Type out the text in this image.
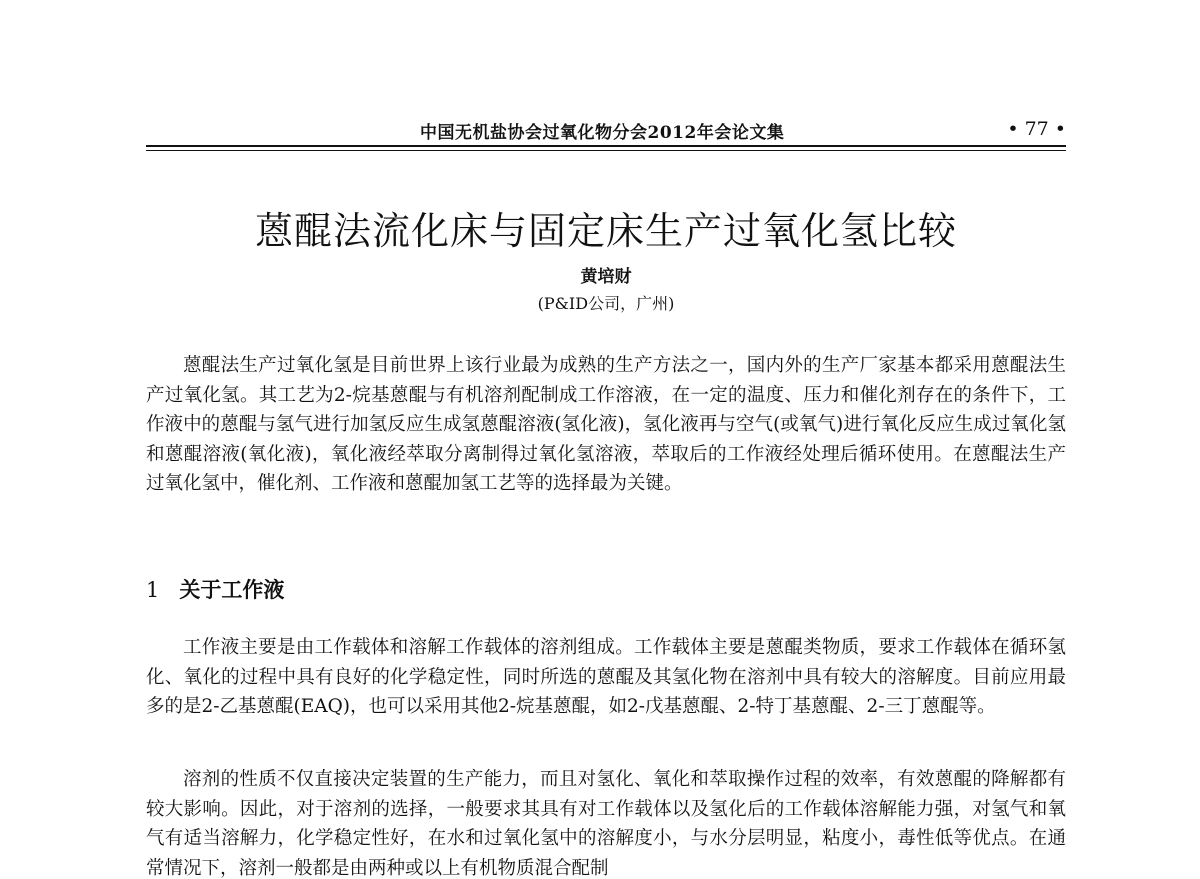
中国无机盐协会过氧化物分会2012年会论文集	• 77 •
蒽醌法流化床与固定床生产过氧化氢比较
黄培财
(P&ID公司，广州)

蒽醌法生产过氧化氢是目前世界上该行业最为成熟的生产方法之一，国内外的生产厂家基本都采用蒽醌法生产过氧化氢。其工艺为2-烷基蒽醌与有机溶剂配制成工作溶液，在一定的温度、压力和催化剂存在的条件下，工作液中的蒽醌与氢气进行加氢反应生成氢蒽醌溶液(氢化液)，氢化液再与空气(或氧气)进行氧化反应生成过氧化氢和蒽醌溶液(氧化液)，氧化液经萃取分离制得过氧化氢溶液，萃取后的工作液经处理后循环使用。在蒽醌法生产过氧化氢中，催化剂、工作液和蒽醌加氢工艺等的选择最为关键。

1 关于工作液

工作液主要是由工作载体和溶解工作载体的溶剂组成。工作载体主要是蒽醌类物质，要求工作载体在循环氢化、氧化的过程中具有良好的化学稳定性，同时所选的蒽醌及其氢化物在溶剂中具有较大的溶解度。目前应用最多的是2-乙基蒽醌(EAQ)，也可以采用其他2-烷基蒽醌，如2-戊基蒽醌、2-特丁基蒽醌、2-三丁蒽醌等。

溶剂的性质不仅直接决定装置的生产能力，而且对氢化、氧化和萃取操作过程的效率，有效蒽醌的降解都有较大影响。因此，对于溶剂的选择，一般要求其具有对工作载体以及氢化后的工作载体溶解能力强，对氢气和氧气有适当溶解力，化学稳定性好，在水和过氧化氢中的溶解度小，与水分层明显，粘度小，毒性低等优点。在通常情况下，溶剂一般都是由两种或以上有机物质混合配制
